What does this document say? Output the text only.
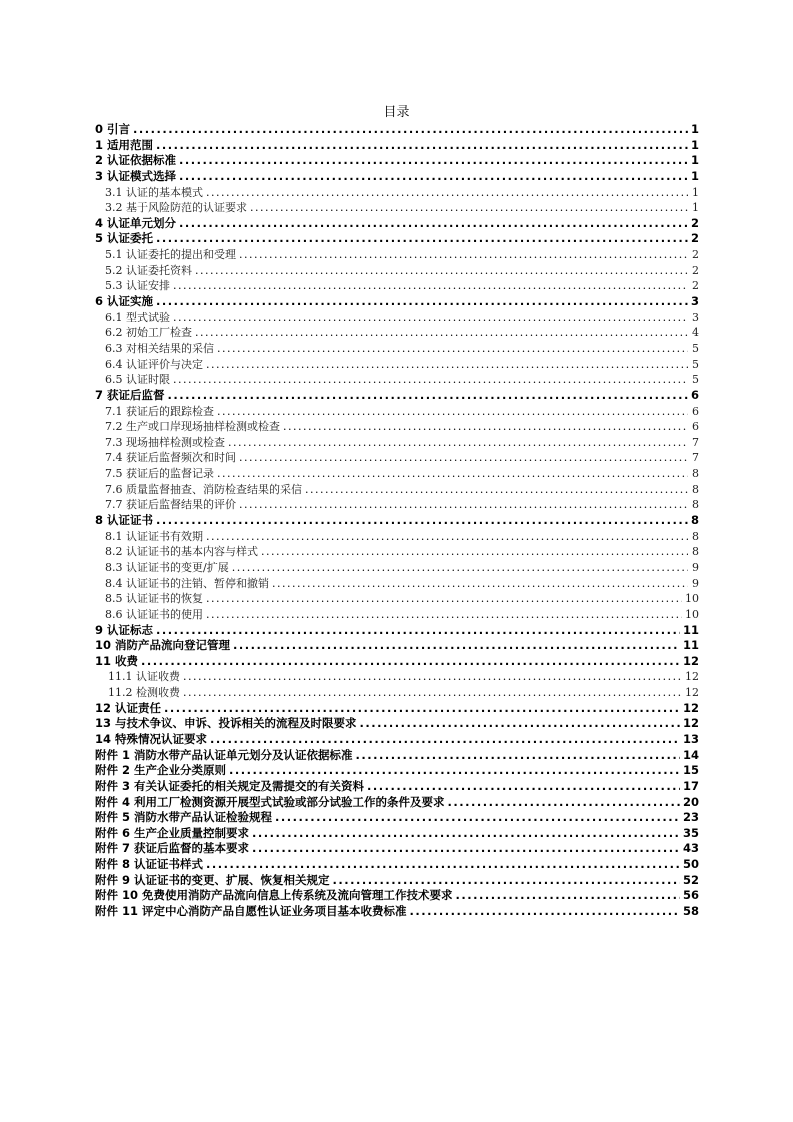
目录
0 引言 .....	1
1 适用范围 .....	1
2 认证依据标准 .....	1
3 认证模式选择 .....	1
3.1 认证的基本模式 .....	1
3.2 基于风险防范的认证要求 .....	1
4 认证单元划分 .....	2
5 认证委托 .....	2
5.1 认证委托的提出和受理 .....	2
5.2 认证委托资料 .....	2
5.3 认证安排 .....	2
6 认证实施 .....	3
6.1 型式试验 .....	3
6.2 初始工厂检查 .....	4
6.3 对相关结果的采信 .....	5
6.4 认证评价与决定 .....	5
6.5 认证时限 .....	5
7 获证后监督 .....	6
7.1 获证后的跟踪检查 .....	6
7.2 生产或口岸现场抽样检测或检查 .....	6
7.3 现场抽样检测或检查 .....	7
7.4 获证后监督频次和时间 .....	7
7.5 获证后的监督记录 .....	8
7.6 质量监督抽查、消防检查结果的采信 .....	8
7.7 获证后监督结果的评价 .....	8
8 认证证书 .....	8
8.1 认证证书有效期 .....	8
8.2 认证证书的基本内容与样式 .....	8
8.3 认证证书的变更/扩展 .....	9
8.4 认证证书的注销、暂停和撤销 .....	9
8.5 认证证书的恢复 .....	10
8.6 认证证书的使用 .....	10
9 认证标志 .....	11
10 消防产品流向登记管理 .....	11
11 收费 .....	12
11.1 认证收费 .....	12
11.2 检测收费 .....	12
12 认证责任 .....	12
13 与技术争议、申诉、投诉相关的流程及时限要求 .....	12
14 特殊情况认证要求 .....	13
附件 1 消防水带产品认证单元划分及认证依据标准 .....	14
附件 2 生产企业分类原则 .....	15
附件 3 有关认证委托的相关规定及需提交的有关资料 .....	17
附件 4 利用工厂检测资源开展型式试验或部分试验工作的条件及要求 .....	20
附件 5 消防水带产品认证检验规程 .....	23
附件 6 生产企业质量控制要求 .....	35
附件 7 获证后监督的基本要求 .....	43
附件 8 认证证书样式 .....	50
附件 9 认证证书的变更、扩展、恢复相关规定 .....	52
附件 10 免费使用消防产品流向信息上传系统及流向管理工作技术要求 .....	56
附件 11 评定中心消防产品自愿性认证业务项目基本收费标准 .....	58
